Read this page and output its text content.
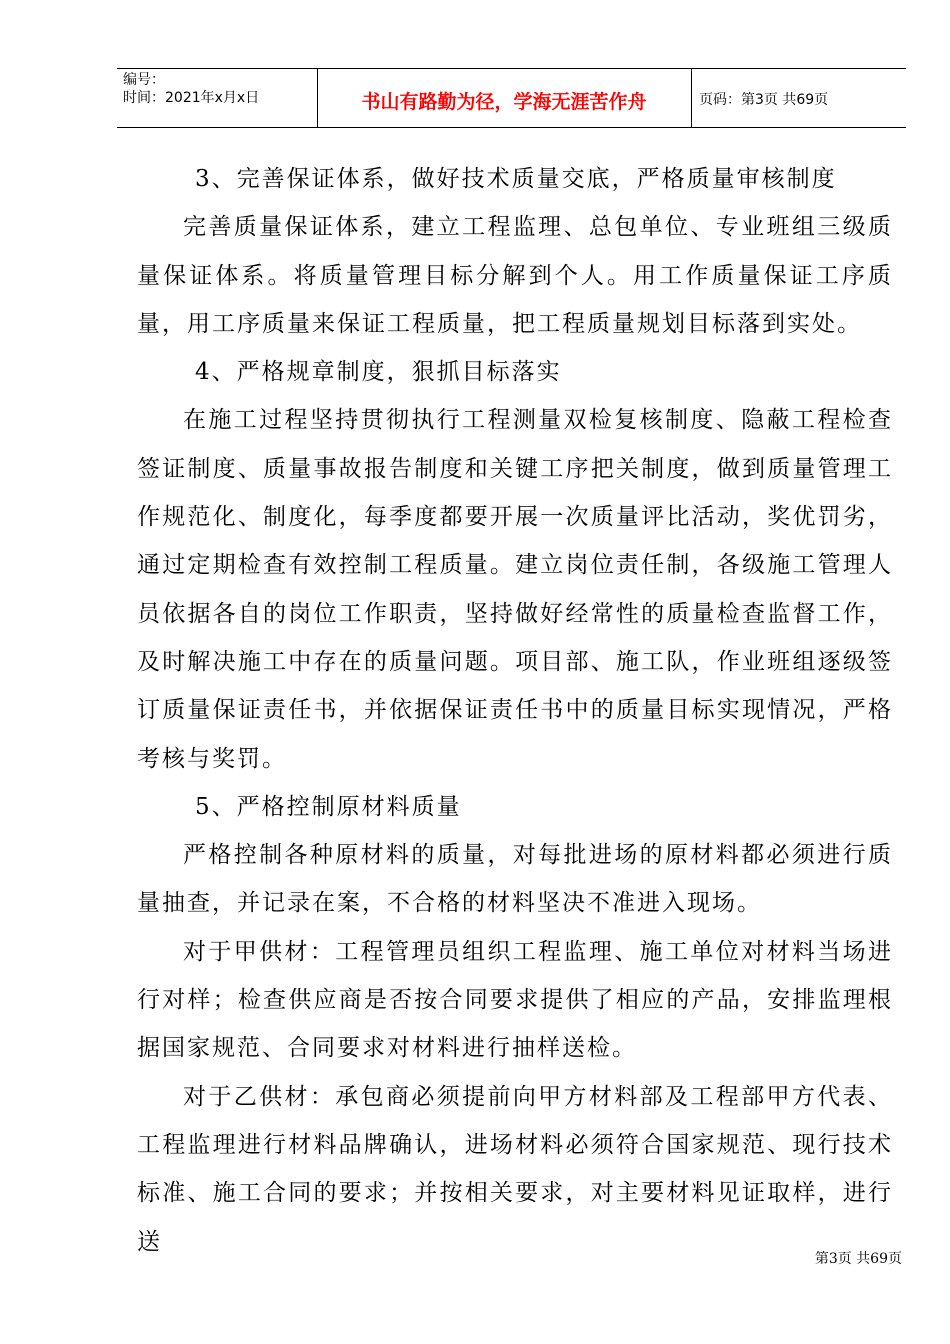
编号：
时间：2021年x月x日	书山有路勤为径，学海无涯苦作舟	页码：第3页 共69页

3、完善保证体系，做好技术质量交底，严格质量审核制度

完善质量保证体系，建立工程监理、总包单位、专业班组三级质量保证体系。将质量管理目标分解到个人。用工作质量保证工序质量，用工序质量来保证工程质量，把工程质量规划目标落到实处。

4、严格规章制度，狠抓目标落实

在施工过程坚持贯彻执行工程测量双检复核制度、隐蔽工程检查签证制度、质量事故报告制度和关键工序把关制度，做到质量管理工作规范化、制度化，每季度都要开展一次质量评比活动，奖优罚劣，通过定期检查有效控制工程质量。建立岗位责任制，各级施工管理人员依据各自的岗位工作职责，坚持做好经常性的质量检查监督工作，及时解决施工中存在的质量问题。项目部、施工队，作业班组逐级签订质量保证责任书，并依据保证责任书中的质量目标实现情况，严格考核与奖罚。

5、严格控制原材料质量

严格控制各种原材料的质量，对每批进场的原材料都必须进行质量抽查，并记录在案，不合格的材料坚决不准进入现场。

对于甲供材：工程管理员组织工程监理、施工单位对材料当场进行对样；检查供应商是否按合同要求提供了相应的产品，安排监理根据国家规范、合同要求对材料进行抽样送检。

对于乙供材：承包商必须提前向甲方材料部及工程部甲方代表、工程监理进行材料品牌确认，进场材料必须符合国家规范、现行技术标准、施工合同的要求；并按相关要求，对主要材料见证取样，进行送

第3页 共69页
